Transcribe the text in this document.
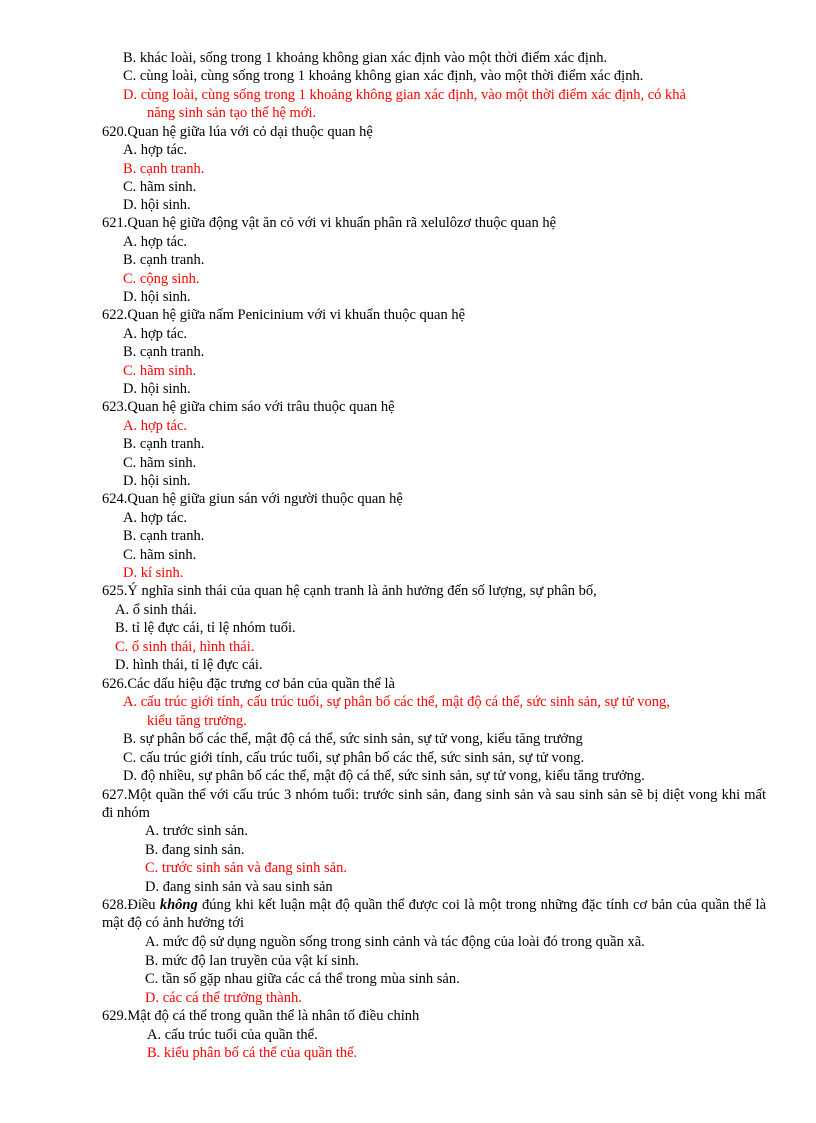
B. khác loài, sống trong 1 khoảng không gian xác định vào một thời điểm xác định.
C. cùng loài, cùng sống trong 1 khoảng không gian xác định, vào một thời điểm xác định.
D. cùng loài, cùng sống trong 1 khoảng không gian xác định, vào một thời điểm xác định, có khả
năng sinh sản tạo thế hệ mới.
620.Quan hệ giữa lúa với cỏ dại thuộc quan hệ
A. hợp tác.
B. cạnh tranh.
C. hãm sinh.
D. hội sinh.
621.Quan hệ giữa động vật ăn cỏ với vi khuẩn phân rã xelulôzơ thuộc quan hệ
A. hợp tác.
B. cạnh tranh.
C. cộng sinh.
D. hội sinh.
622.Quan hệ giữa nấm Penicinium với vi khuẩn thuộc quan hệ
A. hợp tác.
B. cạnh tranh.
C. hãm sinh.
D. hội sinh.
623.Quan hệ giữa chim sáo với trâu thuộc quan hệ
A. hợp tác.
B. cạnh tranh.
C. hãm sinh.
D. hội sinh.
624.Quan hệ giữa giun sán với người thuộc quan hệ
A. hợp tác.
B. cạnh tranh.
C. hãm sinh.
D. kí sinh.
625.Ý nghĩa sinh thái của quan hệ cạnh tranh là ảnh hưởng đến số lượng, sự phân bố,
A. ổ sinh thái.
B. tỉ lệ đực cái, tỉ lệ nhóm tuổi.
C. ổ sinh thái, hình thái.
D. hình thái, tỉ lệ đực cái.
626.Các dấu hiệu đặc trưng cơ bản của quần thể là
A. cấu trúc giới tính, cấu trúc tuổi, sự phân bố các thể, mật độ cá thể, sức sinh sản, sự tử vong,
kiểu tăng trưởng.
B. sự phân bố các thể, mật độ cá thể, sức sinh sản, sự tử vong, kiểu tăng trưởng
C. cấu trúc giới tính, cấu trúc tuổi, sự phân bố các thể, sức sinh sản, sự tử vong.
D. độ nhiều, sự phân bố các thể, mật độ cá thể, sức sinh sản, sự tử vong, kiểu tăng trưởng.
627.Một quần thể với cấu trúc 3 nhóm tuổi: trước sinh sản, đang sinh sản và sau sinh sản sẽ bị diệt vong khi mất đi nhóm
A. trước sinh sản.
B. đang sinh sản.
C. trước sinh sản và đang sinh sản.
D. đang sinh sản và sau sinh sản
628.Điều không đúng khi kết luận mật độ quần thể được coi là một trong những đặc tính cơ bản của quần thể là mật độ có ảnh hưởng tới
A. mức độ sử dụng nguồn sống trong sinh cảnh và tác động của loài đó trong quần xã.
B. mức độ lan truyền của vật kí sinh.
C. tần số gặp nhau giữa các cá thể trong mùa sinh sản.
D. các cá thể trưởng thành.
629.Mật độ cá thể trong quần thể là nhân tố điều chỉnh
A. cấu trúc tuổi của quần thể.
B. kiểu phân bố cá thể của quần thể.
